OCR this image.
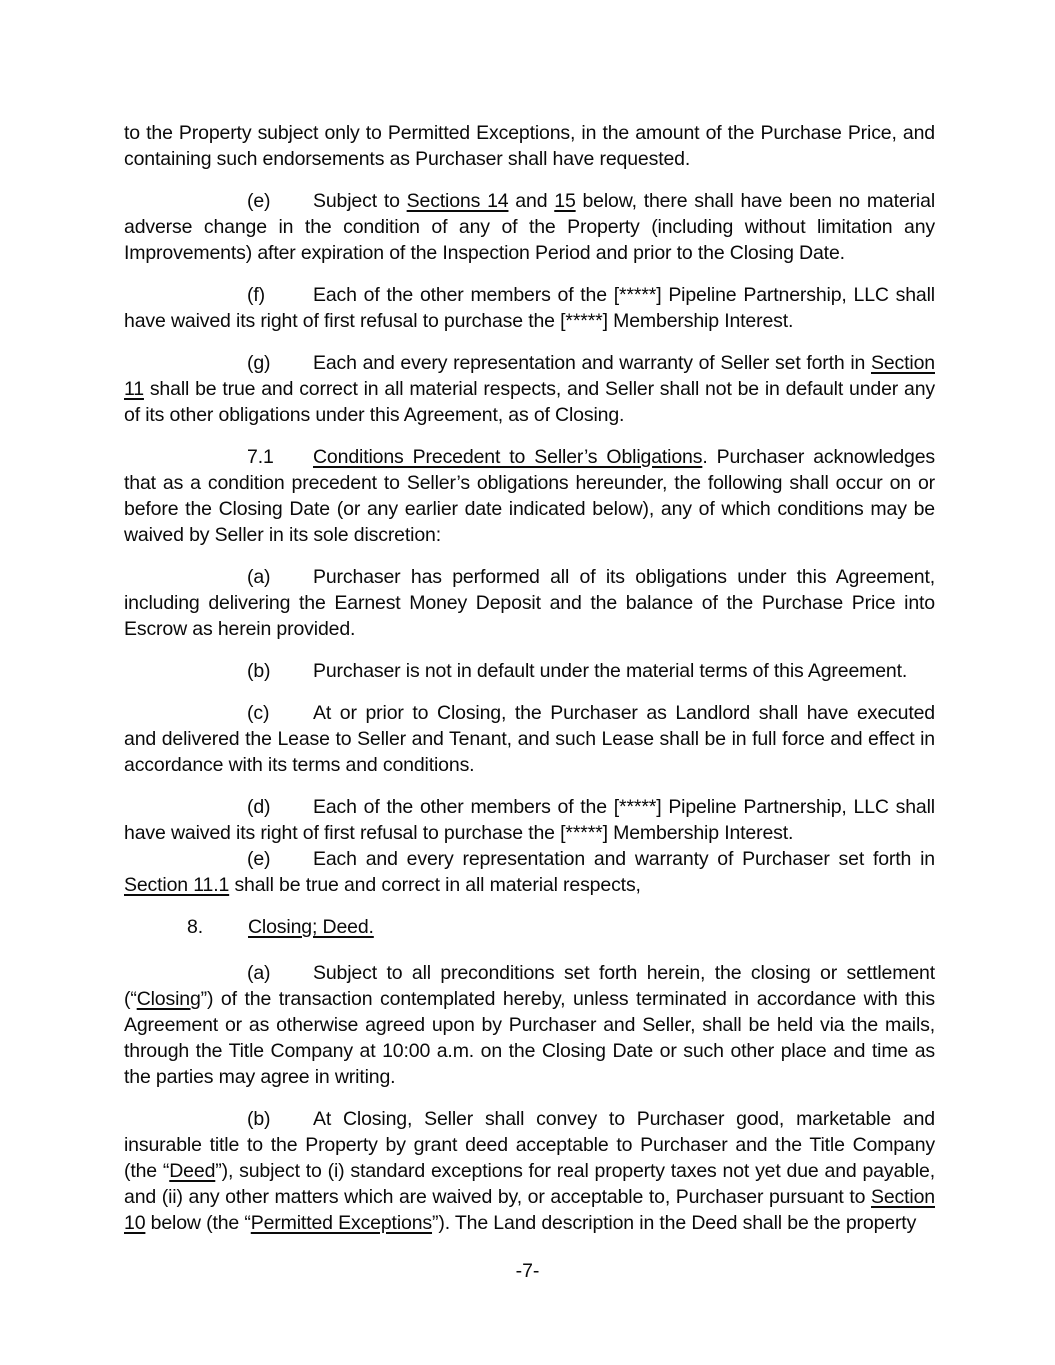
to the Property subject only to Permitted Exceptions, in the amount of the Purchase Price, and containing such endorsements as Purchaser shall have requested.
(e) Subject to Sections 14 and 15 below, there shall have been no material adverse change in the condition of any of the Property (including without limitation any Improvements) after expiration of the Inspection Period and prior to the Closing Date.
(f) Each of the other members of the [*****] Pipeline Partnership, LLC shall have waived its right of first refusal to purchase the [*****] Membership Interest.
(g) Each and every representation and warranty of Seller set forth in Section 11 shall be true and correct in all material respects, and Seller shall not be in default under any of its other obligations under this Agreement, as of Closing.
7.1 Conditions Precedent to Seller’s Obligations. Purchaser acknowledges that as a condition precedent to Seller’s obligations hereunder, the following shall occur on or before the Closing Date (or any earlier date indicated below), any of which conditions may be waived by Seller in its sole discretion:
(a) Purchaser has performed all of its obligations under this Agreement, including delivering the Earnest Money Deposit and the balance of the Purchase Price into Escrow as herein provided.
(b) Purchaser is not in default under the material terms of this Agreement.
(c) At or prior to Closing, the Purchaser as Landlord shall have executed and delivered the Lease to Seller and Tenant, and such Lease shall be in full force and effect in accordance with its terms and conditions.
(d) Each of the other members of the [*****] Pipeline Partnership, LLC shall have waived its right of first refusal to purchase the [*****] Membership Interest.
(e) Each and every representation and warranty of Purchaser set forth in Section 11.1 shall be true and correct in all material respects,
8. Closing; Deed.
(a) Subject to all preconditions set forth herein, the closing or settlement (“Closing”) of the transaction contemplated hereby, unless terminated in accordance with this Agreement or as otherwise agreed upon by Purchaser and Seller, shall be held via the mails, through the Title Company at 10:00 a.m. on the Closing Date or such other place and time as the parties may agree in writing.
(b) At Closing, Seller shall convey to Purchaser good, marketable and insurable title to the Property by grant deed acceptable to Purchaser and the Title Company (the “Deed”), subject to (i) standard exceptions for real property taxes not yet due and payable, and (ii) any other matters which are waived by, or acceptable to, Purchaser pursuant to Section 10 below (the “Permitted Exceptions”). The Land description in the Deed shall be the property
-7-
